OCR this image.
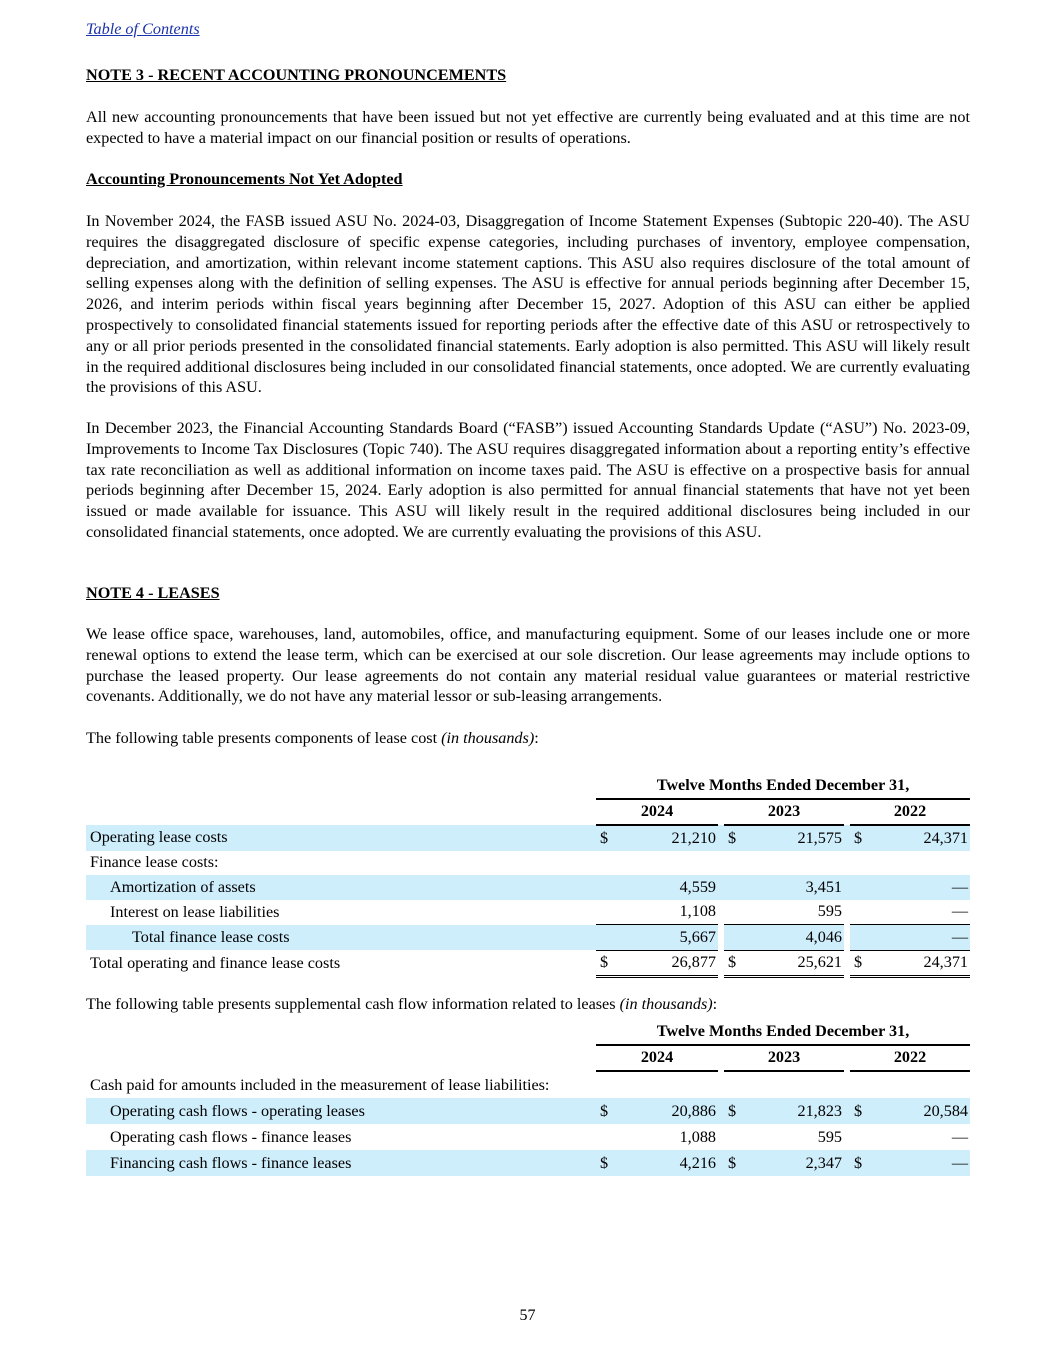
Table of Contents
NOTE 3 - RECENT ACCOUNTING PRONOUNCEMENTS

All new accounting pronouncements that have been issued but not yet effective are currently being evaluated and at this time are not expected to have a material impact on our financial position or results of operations.

Accounting Pronouncements Not Yet Adopted

In November 2024, the FASB issued ASU No. 2024-03, Disaggregation of Income Statement Expenses (Subtopic 220-40). The ASU requires the disaggregated disclosure of specific expense categories, including purchases of inventory, employee compensation, depreciation, and amortization, within relevant income statement captions. This ASU also requires disclosure of the total amount of selling expenses along with the definition of selling expenses. The ASU is effective for annual periods beginning after December 15, 2026, and interim periods within fiscal years beginning after December 15, 2027. Adoption of this ASU can either be applied prospectively to consolidated financial statements issued for reporting periods after the effective date of this ASU or retrospectively to any or all prior periods presented in the consolidated financial statements. Early adoption is also permitted. This ASU will likely result in the required additional disclosures being included in our consolidated financial statements, once adopted. We are currently evaluating the provisions of this ASU.

In December 2023, the Financial Accounting Standards Board (“FASB”) issued Accounting Standards Update (“ASU”) No. 2023-09, Improvements to Income Tax Disclosures (Topic 740). The ASU requires disaggregated information about a reporting entity’s effective tax rate reconciliation as well as additional information on income taxes paid. The ASU is effective on a prospective basis for annual periods beginning after December 15, 2024. Early adoption is also permitted for annual financial statements that have not yet been issued or made available for issuance. This ASU will likely result in the required additional disclosures being included in our consolidated financial statements, once adopted. We are currently evaluating the provisions of this ASU.

NOTE 4 - LEASES

We lease office space, warehouses, land, automobiles, office, and manufacturing equipment. Some of our leases include one or more renewal options to extend the lease term, which can be exercised at our sole discretion. Our lease agreements may include options to purchase the leased property. Our lease agreements do not contain any material residual value guarantees or material restrictive covenants. Additionally, we do not have any material lessor or sub-leasing arrangements.

The following table presents components of lease cost (in thousands):

	Twelve Months Ended December 31,							
	2024			2023			2022	
Operating lease costs	$	21,210		$	21,575		$	24,371
Finance lease costs:								
Amortization of assets		4,559			3,451			—
Interest on lease liabilities		1,108			595			—
Total finance lease costs		5,667			4,046			—
Total operating and finance lease costs	$	26,877		$	25,621		$	24,371

The following table presents supplemental cash flow information related to leases (in thousands):

	Twelve Months Ended December 31,							
	2024			2023			2022	
Cash paid for amounts included in the measurement of lease liabilities:								
Operating cash flows - operating leases	$	20,886		$	21,823		$	20,584
Operating cash flows - finance leases		1,088			595			—
Financing cash flows - finance leases	$	4,216		$	2,347		$	—
57
